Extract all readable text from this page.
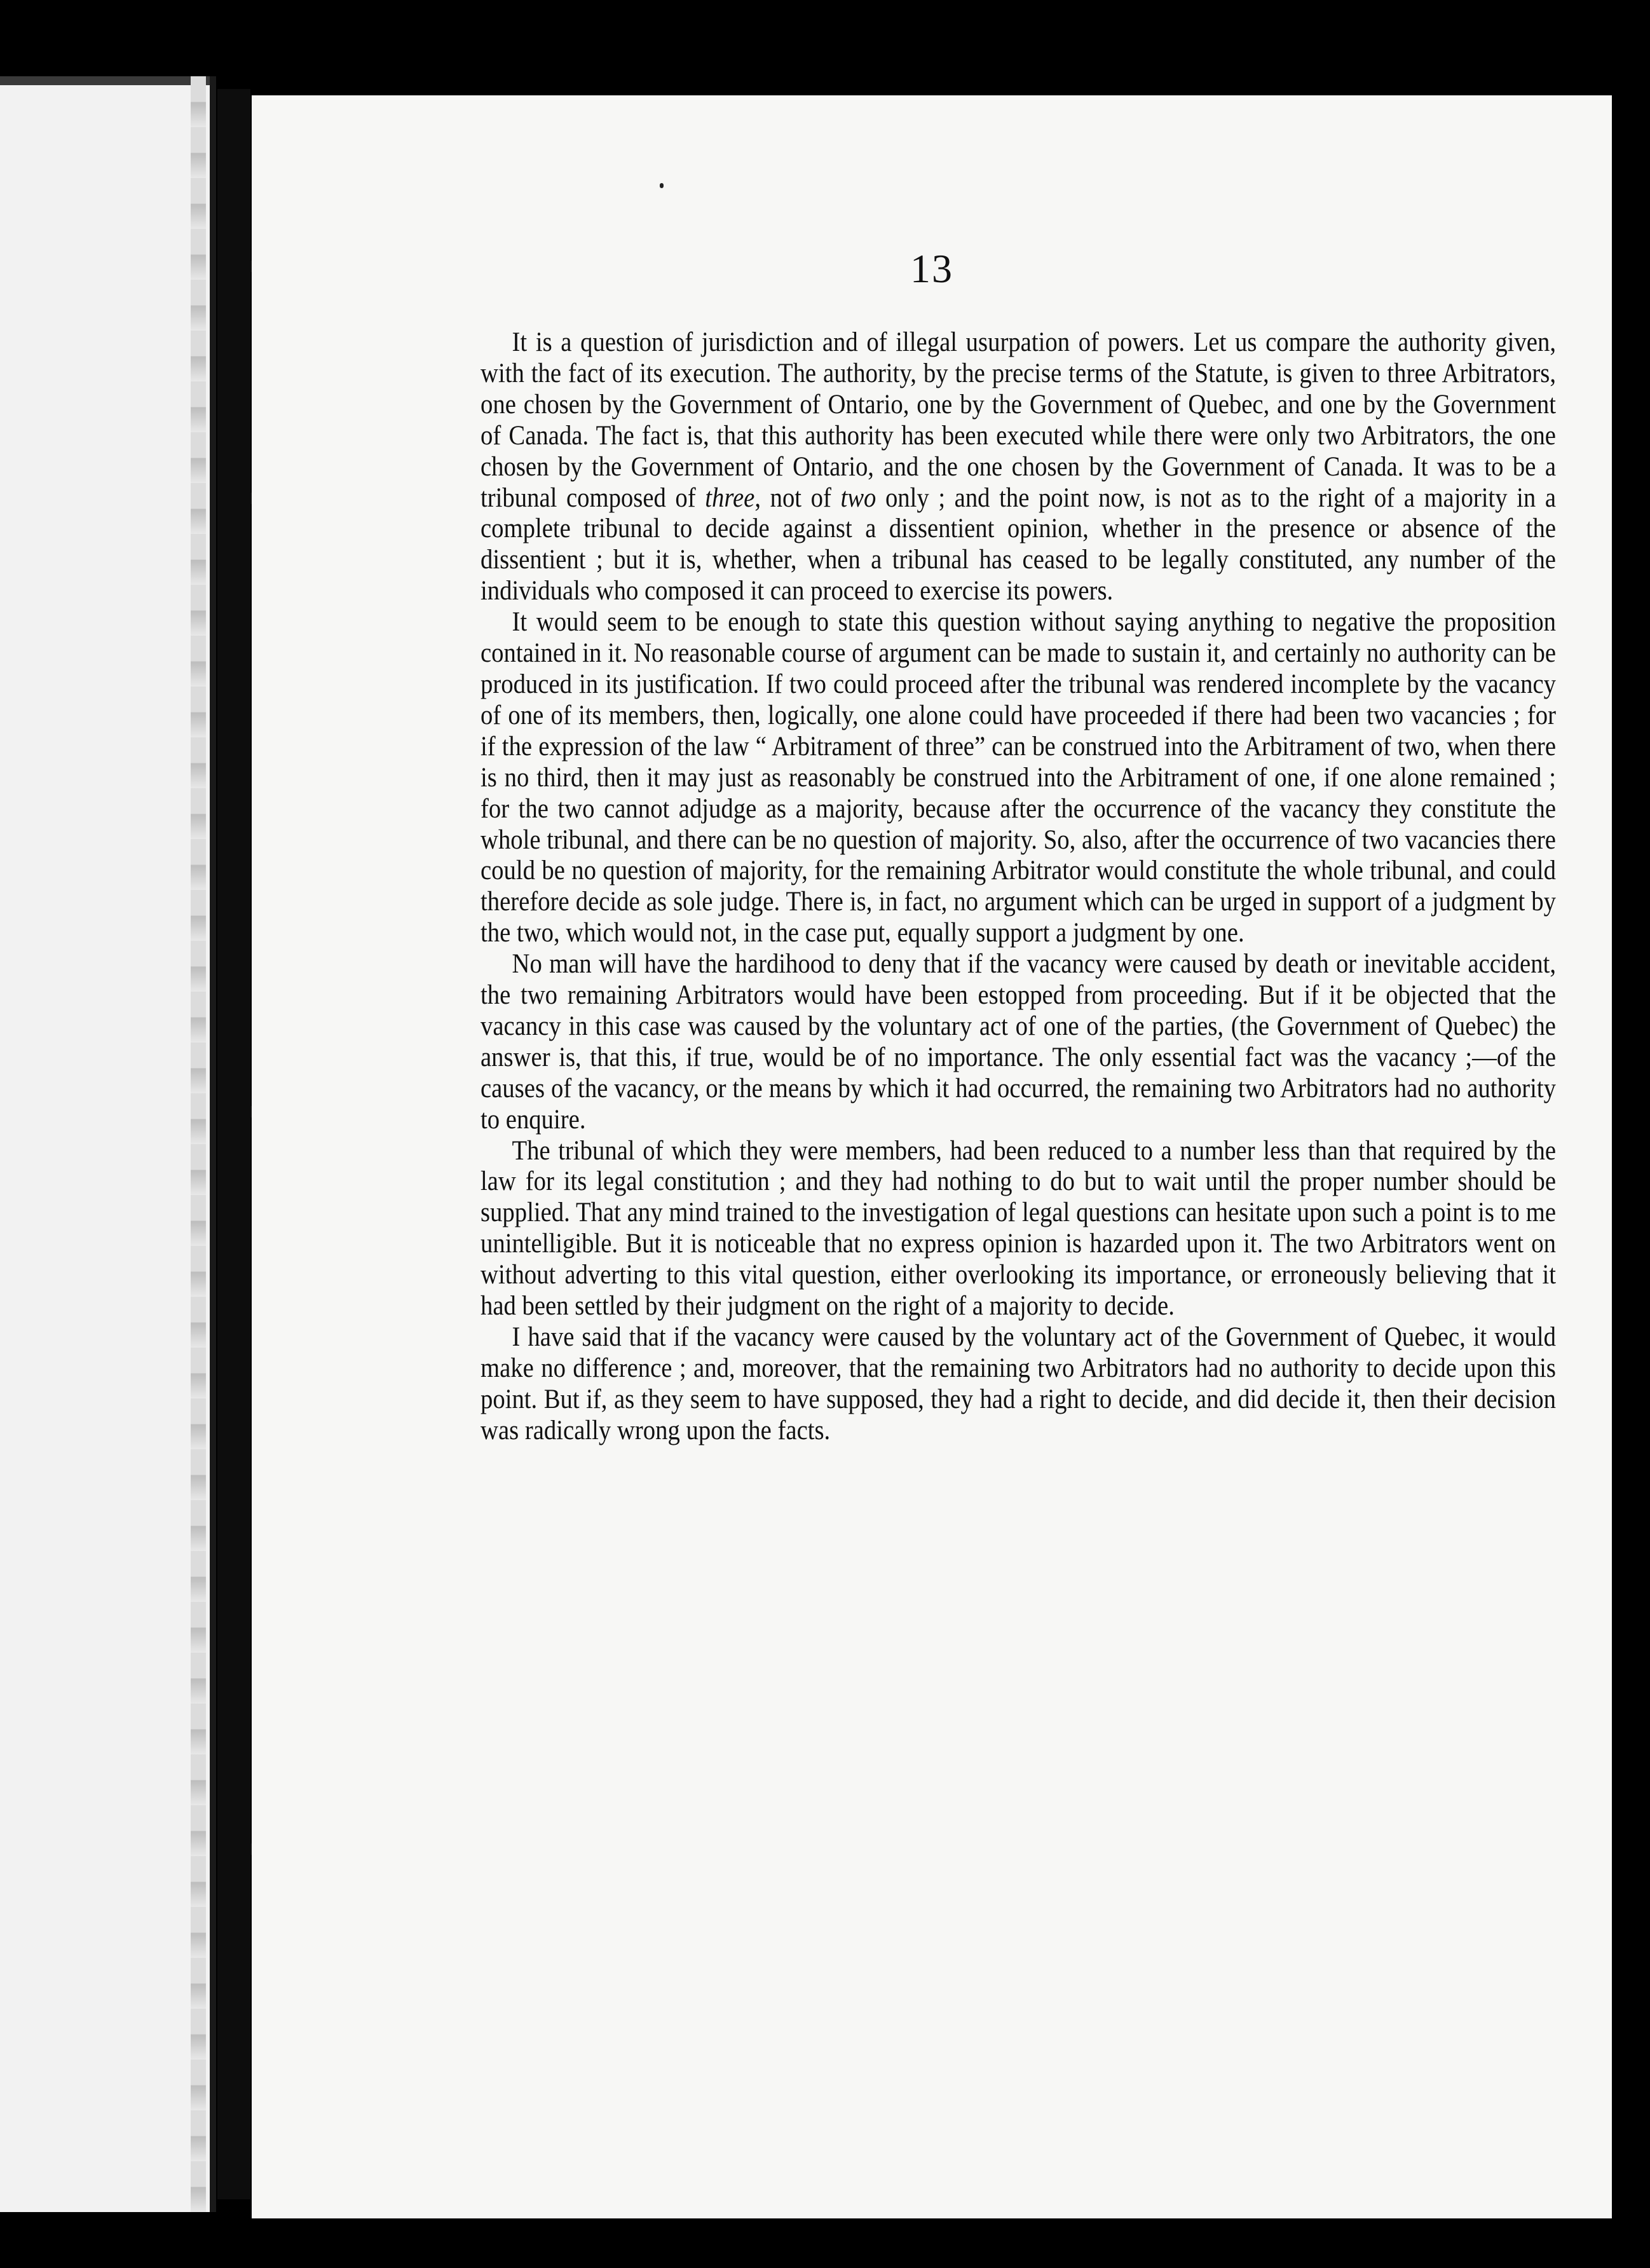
13

It is a question of jurisdiction and of illegal usurpation of powers. Let us compare the authority given, with the fact of its execution. The authority, by the precise terms of the Statute, is given to three Arbitrators, one chosen by the Government of Ontario, one by the Government of Quebec, and one by the Government of Canada. The fact is, that this authority has been executed while there were only two Arbitrators, the one chosen by the Government of Ontario, and the one chosen by the Government of Canada. It was to be a tribunal composed of three, not of two only ; and the point now, is not as to the right of a majority in a complete tribunal to decide against a dissentient opinion, whether in the presence or absence of the dissentient ; but it is, whether, when a tribunal has ceased to be legally constituted, any number of the individuals who composed it can proceed to exercise its powers.

It would seem to be enough to state this question without saying anything to negative the proposition contained in it. No reasonable course of argument can be made to sustain it, and certainly no authority can be produced in its justification. If two could proceed after the tribunal was rendered incomplete by the vacancy of one of its members, then, logically, one alone could have proceeded if there had been two vacancies ; for if the expression of the law “ Arbitrament of three” can be construed into the Arbitrament of two, when there is no third, then it may just as reasonably be construed into the Arbitrament of one, if one alone remained ; for the two cannot adjudge as a majority, because after the occurrence of the vacancy they constitute the whole tribunal, and there can be no question of majority. So, also, after the occurrence of two vacancies there could be no question of majority, for the remaining Arbitrator would constitute the whole tribunal, and could therefore decide as sole judge. There is, in fact, no argument which can be urged in support of a judgment by the two, which would not, in the case put, equally support a judgment by one.

No man will have the hardihood to deny that if the vacancy were caused by death or inevitable accident, the two remaining Arbitrators would have been estopped from proceeding. But if it be objected that the vacancy in this case was caused by the voluntary act of one of the parties, (the Government of Quebec) the answer is, that this, if true, would be of no importance. The only essential fact was the vacancy ;—of the causes of the vacancy, or the means by which it had occurred, the remaining two Arbitrators had no authority to enquire.

The tribunal of which they were members, had been reduced to a number less than that required by the law for its legal constitution ; and they had nothing to do but to wait until the proper number should be supplied. That any mind trained to the investigation of legal questions can hesitate upon such a point is to me unintelligible. But it is noticeable that no express opinion is hazarded upon it. The two Arbitrators went on without adverting to this vital question, either overlooking its importance, or erroneously believing that it had been settled by their judgment on the right of a majority to decide.

I have said that if the vacancy were caused by the voluntary act of the Government of Quebec, it would make no difference ; and, moreover, that the remaining two Arbitrators had no authority to decide upon this point. But if, as they seem to have supposed, they had a right to decide, and did decide it, then their decision was radically wrong upon the facts.
